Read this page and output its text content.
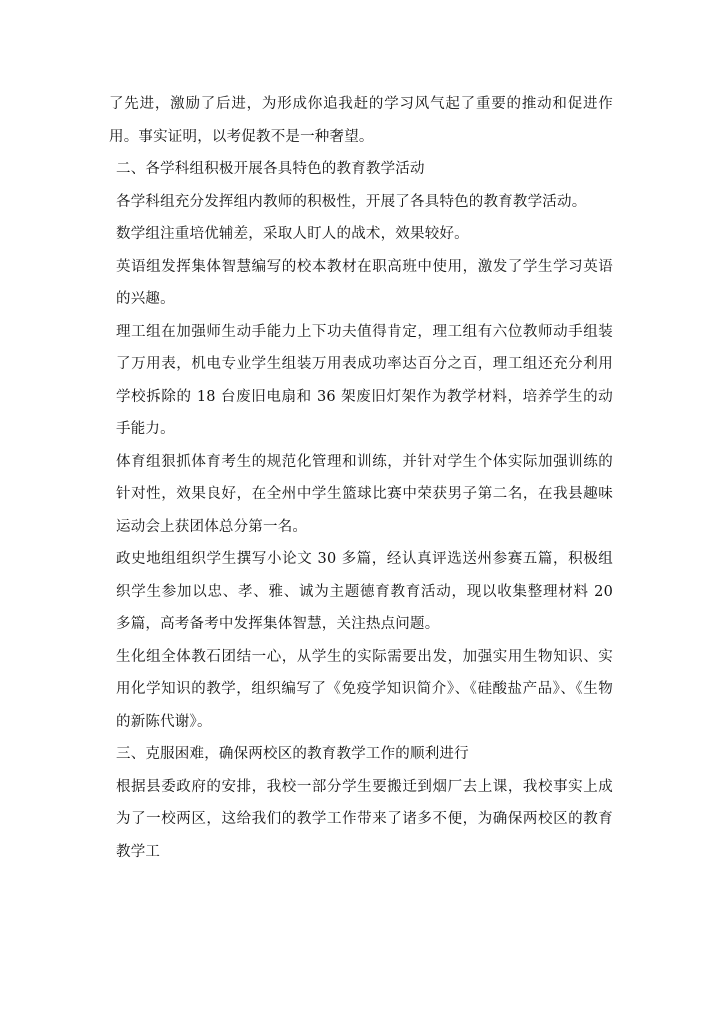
了先进，激励了后进，为形成你追我赶的学习风气起了重要的推动和促进作用。事实证明，以考促教不是一种奢望。

二、各学科组积极开展各具特色的教育教学活动

各学科组充分发挥组内教师的积极性，开展了各具特色的教育教学活动。

数学组注重培优辅差，采取人盯人的战术，效果较好。

英语组发挥集体智慧编写的校本教材在职高班中使用，激发了学生学习英语的兴趣。

理工组在加强师生动手能力上下功夫值得肯定，理工组有六位教师动手组装了万用表，机电专业学生组装万用表成功率达百分之百，理工组还充分利用学校拆除的 18 台废旧电扇和 36 架废旧灯架作为教学材料，培养学生的动手能力。

体育组狠抓体育考生的规范化管理和训练，并针对学生个体实际加强训练的针对性，效果良好，在全州中学生篮球比赛中荣获男子第二名，在我县趣味运动会上获团体总分第一名。

政史地组组织学生撰写小论文 30 多篇，经认真评选送州参赛五篇，积极组织学生参加以忠、孝、雅、诚为主题德育教育活动，现以收集整理材料 20 多篇，高考备考中发挥集体智慧，关注热点问题。

生化组全体教石团结一心，从学生的实际需要出发，加强实用生物知识、实用化学知识的教学，组织编写了《免疫学知识简介》、《硅酸盐产品》、《生物的新陈代谢》。

三、克服困难，确保两校区的教育教学工作的顺利进行

根据县委政府的安排，我校一部分学生要搬迁到烟厂去上课，我校事实上成为了一校两区，这给我们的教学工作带来了诸多不便，为确保两校区的教育教学工
